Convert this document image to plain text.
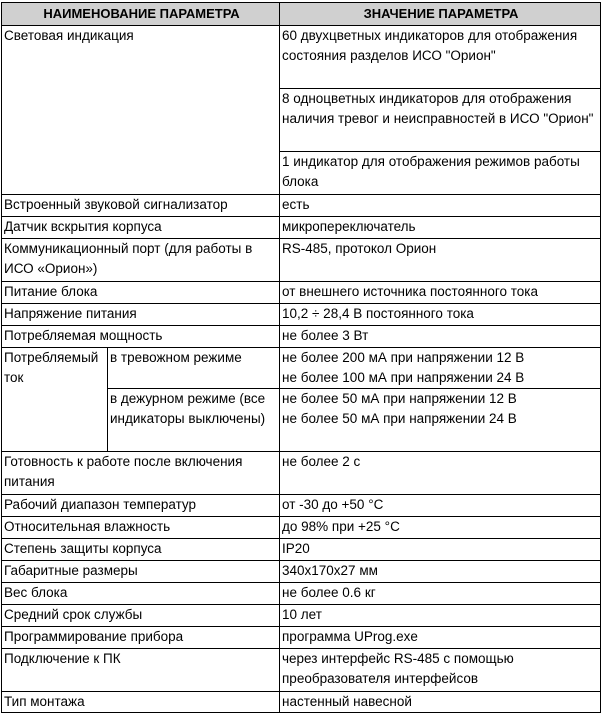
НАИМЕНОВАНИЕ ПАРАМЕТРА		ЗНАЧЕНИЕ ПАРАМЕТРА
Световая индикация		60 двухцветных индикаторов для отображения состояния разделов ИСО "Орион"
		8 одноцветных индикаторов для отображения наличия тревог и неисправностей в ИСО "Орион"
		1 индикатор для отображения режимов работы блока
Встроенный звуковой сигнализатор		есть
Датчик вскрытия корпуса		микропереключатель
Коммуникационный порт (для работы в ИСО «Орион»)		RS-485, протокол Орион
Питание блока		от внешнего источника постоянного тока
Напряжение питания		10,2 ÷ 28,4 В постоянного тока
Потребляемая мощность		не более 3 Вт
Потребляемый ток	в тревожном режиме	не более 200 мА при напряжении 12 В
не более 100 мА при напряжении 24 В

	в дежурном режиме (все индикаторы выключены)	не более 50 мА при напряжении 12 В
не более 50 мА при напряжении 24 В

Готовность к работе после включения питания		не более 2 с
Рабочий диапазон температур		от -30 до +50 °С
Относительная влажность		до 98% при +25 °С
Степень защиты корпуса		IP20
Габаритные размеры		340x170x27 мм
Вес блока		не более 0.6 кг
Средний срок службы		10 лет
Программирование прибора		программа UProg.exe
Подключение к ПК		через интерфейс RS-485 с помощью преобразователя интерфейсов
Тип монтажа		настенный навесной
